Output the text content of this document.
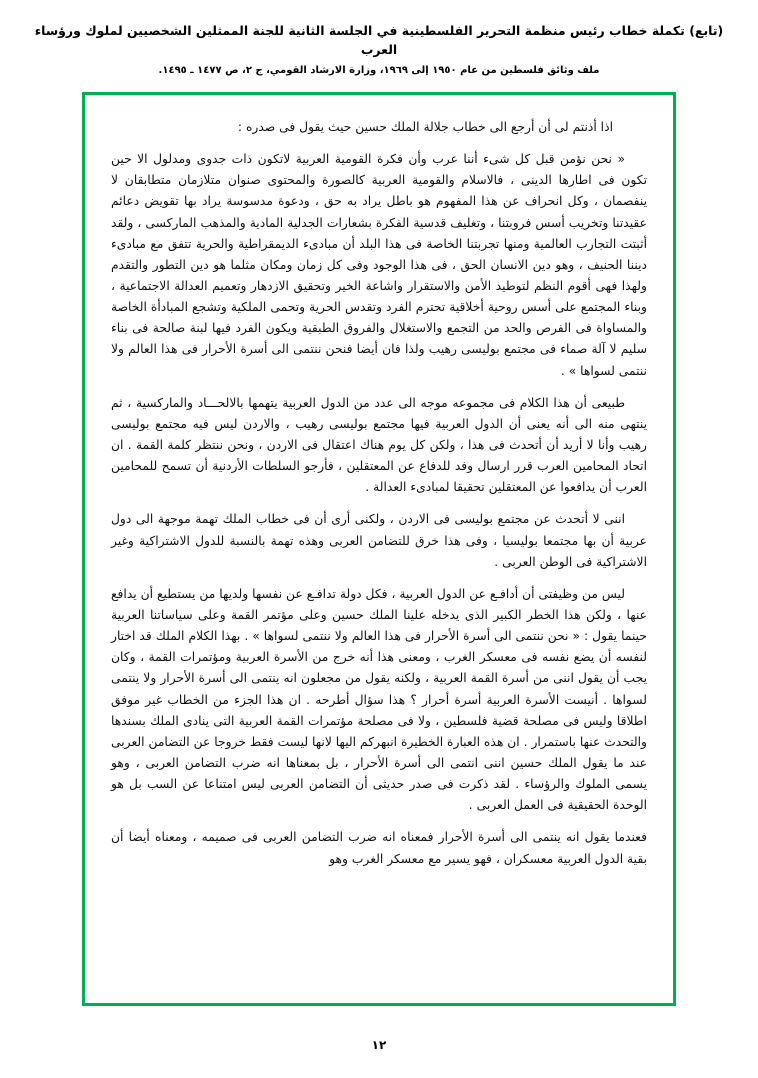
(تابع) تكملة خطاب رئيس منظمة التحرير الفلسطينية في الجلسة الثانية للجنة الممثلين الشخصيين لملوك ورؤساء العرب
ملف وثائق فلسطين من عام ١٩٥٠ إلى ١٩٦٩، وزارة الارشاد القومي، ج ٢، ص ١٤٧٧ ـ ١٤٩٥.

اذا أذنتم لى أن أرجع الى خطاب جلالة الملك حسين حيث يقول فى صدره :

« نحن نؤمن قبل كل شىء أننا عرب وأن فكرة القومية العربية لاتكون ذات جدوى ومدلول الا حين تكون فى اطارها الدينى ، فالاسلام والقومية العربية كالصورة والمحتوى صنوان متلازمان متطابقان لا ينفصمان ، وكل انحراف عن هذا المفهوم هو باطل يراد به حق ، ودعوة مدسوسة يراد بها تقويض دعائم عقيدتنا وتخريب أسس فروبتنا ، وتغليف قدسية الفكرة بشعارات الجدلية المادية والمذهب الماركسى ، ولقد أثبتت التجارب العالمية ومنها تجربتنا الخاصة فى هذا البلد أن مبادىء الديمقراطية والحرية تتفق مع مبادىء ديننا الحنيف ، وهو دين الانسان الحق ، فى هذا الوجود وفى كل زمان ومكان مثلما هو دين التطور والتقدم ولهذا فهى أقوم النظم لتوطيد الأمن والاستقرار واشاعة الخير وتحقيق الازدهار وتعميم العدالة الاجتماعية ، وبناء المجتمع على أسس روحية أخلاقية تحترم الفرد وتقدس الحرية وتحمى الملكية وتشجع المبادأة الخاصة والمساواة فى الفرص والحد من التجمع والاستغلال والفروق الطبقية ويكون الفرد فيها لبنة صالحة فى بناء سليم لا آلة صماء فى مجتمع بوليسى رهيب ولذا فان أيضا فنحن ننتمى الى أسرة الأحرار فى هذا العالم ولا ننتمى لسواها » .

طبيعى أن هذا الكلام فى مجموعه موجه الى عدد من الدول العربية يتهمها بالالحـــاد والماركسية ، ثم ينتهى منه الى أنه يعنى أن الدول العربية فيها مجتمع بوليسى رهيب ، والاردن ليس فيه مجتمع بوليسى رهيب وأنا لا أريد أن أتحدث فى هذا ، ولكن كل يوم هناك اعتقال فى الاردن ، ونحن ننتظر كلمة القمة . ان اتحاد المحامين العرب قرر ارسال وفد للدفاع عن المعتقلين ، فأرجو السلطات الأردنية أن تسمح للمحامين العرب أن يدافعوا عن المعتقلين تحقيقا لمبادىء العدالة .

اننى لا أتحدث عن مجتمع بوليسى فى الاردن ، ولكنى أرى أن فى خطاب الملك تهمة موجهة الى دول عربية أن بها مجتمعا بوليسيا ، وفى هذا خرق للتضامن العربى وهذه تهمة بالنسبة للدول الاشتراكية وغير الاشتراكية فى الوطن العربى .

ليس من وظيفتى أن أدافـع عن الدول العربية ، فكل دولة تدافـع عن نفسها ولديها من يستطيع أن يدافع عنها ، ولكن هذا الخطر الكبير الذى يدخله علينا الملك حسين وعلى مؤتمر القمة وعلى سياساتنا العربية حينما يقول : « نحن ننتمى الى أسرة الأحرار فى هذا العالم ولا ننتمى لسواها » . بهذا الكلام الملك قد اختار لنفسه أن يضع نفسه فى معسكر الغرب ، ومعنى هذا أنه خرج من الأسرة العربية ومؤتمرات القمة ، وكان يجب أن يقول اننى من أسرة القمة العربية ، ولكنه يقول من مجعلون انه ينتمى الى أسرة الأحرار ولا ينتمى لسواها . أنيست الأسرة العربية أسرة أحرار ؟ هذا سؤال أطرحه . ان هذا الجزء من الخطاب غير موفق اطلاقا وليس فى مصلحة قضية فلسطين ، ولا فى مصلحة مؤتمرات القمة العربية التى ينادى الملك بسندها والتحدث عنها باستمرار . ان هذه العبارة الخطيرة انبهركم اليها لانها ليست فقط خروجا عن التضامن العربى عند ما يقول الملك حسين اننى انتمى الى أسرة الأحرار ، بل بمعناها انه ضرب التضامن العربى ، وهو يسمى الملوك والرؤساء . لقد ذكرت فى صدر حديثى أن التضامن العربى ليس امتناعا عن السب بل هو الوحدة الحقيقية فى العمل العربى .

فعندما يقول انه ينتمى الى أسرة الأحرار فمعناه انه ضرب التضامن العربى فى صميمه ، ومعناه أيضا أن بقية الدول العربية معسكران ، فهو يسير مع معسكر الغرب وهو

١٢
